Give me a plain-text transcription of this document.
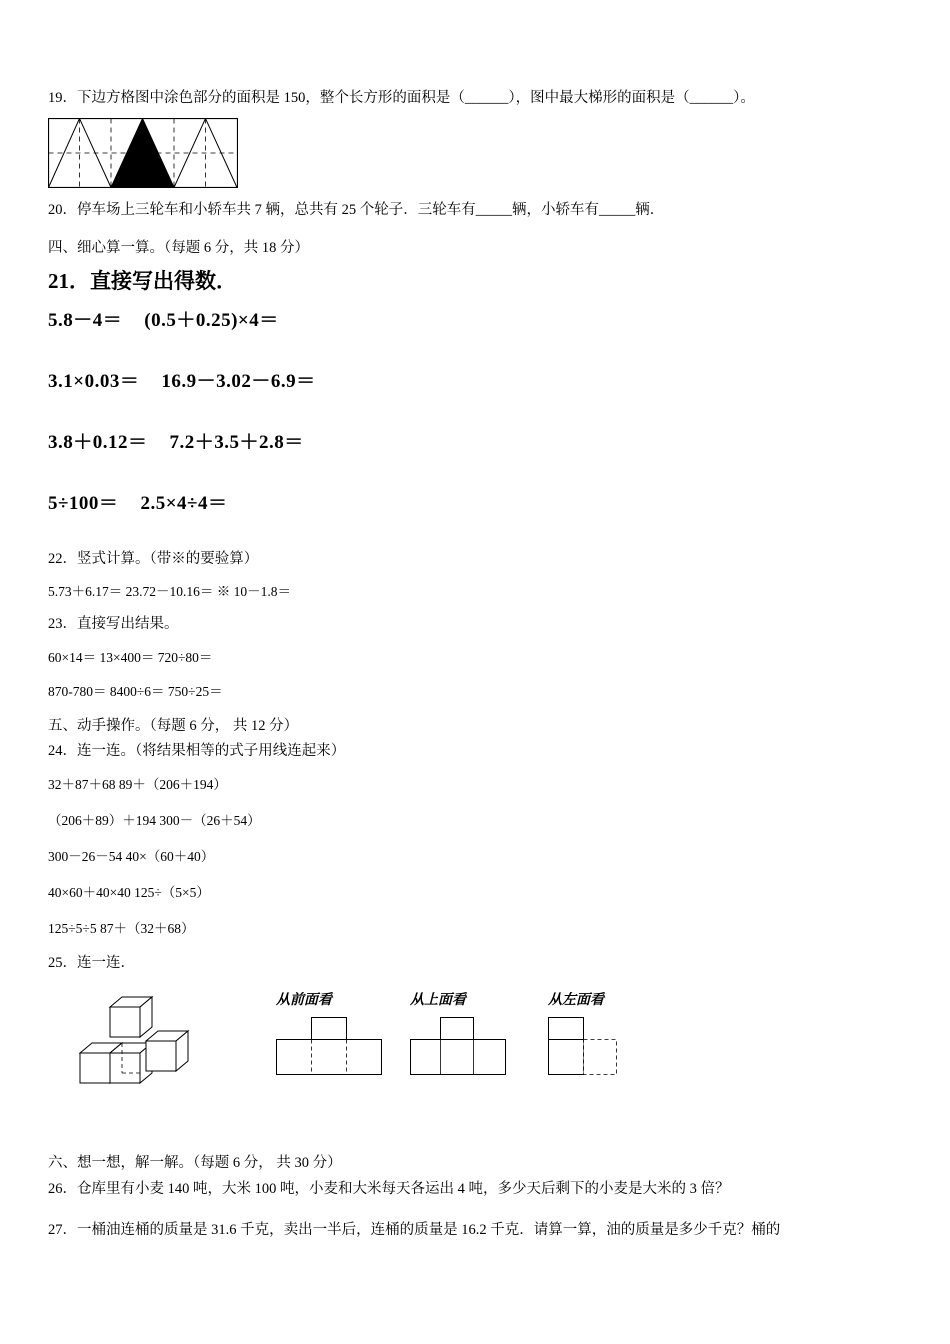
19．下边方格图中涂色部分的面积是 150，整个长方形的面积是（______），图中最大梯形的面积是（______）。
20．停车场上三轮车和小轿车共 7 辆，总共有 25 个轮子．三轮车有_____辆，小轿车有_____辆．
四、细心算一算。（每题 6 分，共 18 分）
21．直接写出得数．
5.8－4＝ (0.5＋0.25)×4＝
3.1×0.03＝ 16.9－3.02－6.9＝
3.8＋0.12＝ 7.2＋3.5＋2.8＝
5÷100＝ 2.5×4÷4＝
22．竖式计算。（带※的要验算）
5.73＋6.17＝ 23.72－10.16＝ ※ 10－1.8＝
23．直接写出结果。
60×14＝ 13×400＝ 720÷80＝
870‐780＝ 8400÷6＝ 750÷25＝
五、动手操作。（每题 6 分， 共 12 分）
24．连一连。（将结果相等的式子用线连起来）
32＋87＋68 89＋（206＋194）
（206＋89）＋194 300－（26＋54）
300－26－54 40×（60＋40）
40×60＋40×40 125÷（5×5）
125÷5÷5 87＋（32＋68）
25．连一连．
从前面看	从上面看	从左面看
六、想一想，解一解。（每题 6 分， 共 30 分）
26．仓库里有小麦 140 吨，大米 100 吨，小麦和大米每天各运出 4 吨，多少天后剩下的小麦是大米的 3 倍？
27．一桶油连桶的质量是 31.6 千克，卖出一半后，连桶的质量是 16.2 千克．请算一算，油的质量是多少千克？桶的
